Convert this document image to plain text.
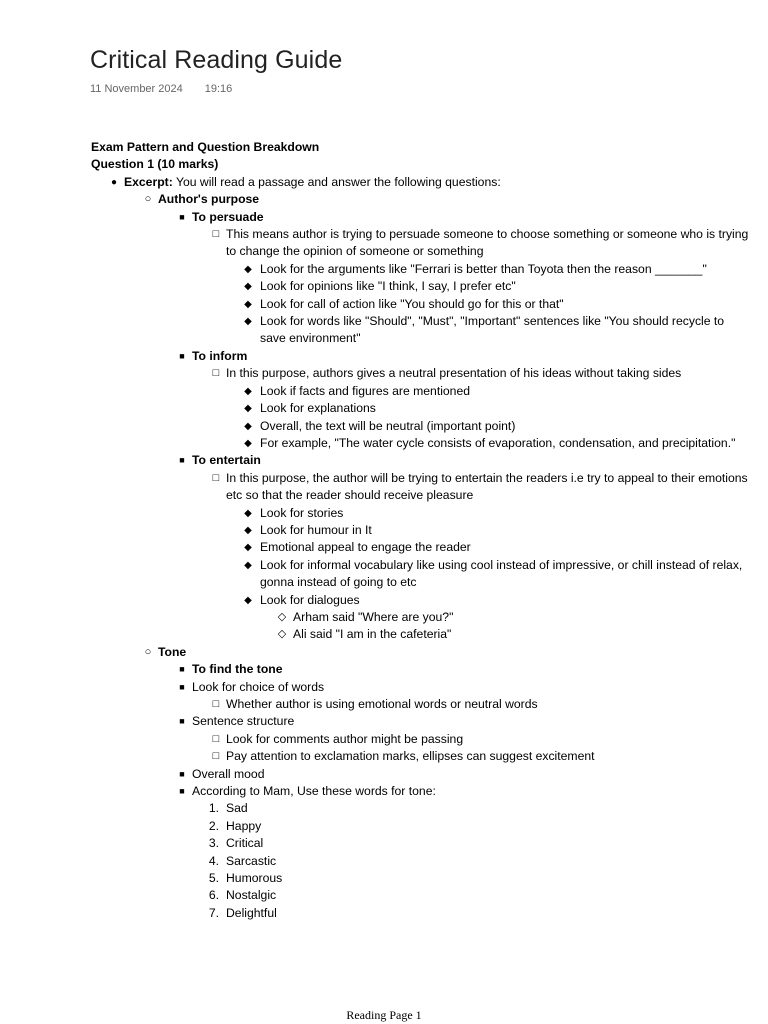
Critical Reading Guide
11 November 2024 19:16
Exam Pattern and Question Breakdown
Question 1 (10 marks)
● Excerpt: You will read a passage and answer the following questions:
○ Author's purpose
■ To persuade
□ This means author is trying to persuade someone to choose something or someone who is trying to change the opinion of someone or something
◆ Look for the arguments like "Ferrari is better than Toyota then the reason _______"
◆ Look for opinions like "I think, I say, I prefer etc"
◆ Look for call of action like "You should go for this or that"
◆ Look for words like "Should", "Must", "Important" sentences like "You should recycle to save environment"
■ To inform
□ In this purpose, authors gives a neutral presentation of his ideas without taking sides
◆ Look if facts and figures are mentioned
◆ Look for explanations
◆ Overall, the text will be neutral (important point)
◆ For example, "The water cycle consists of evaporation, condensation, and precipitation."
■ To entertain
□ In this purpose, the author will be trying to entertain the readers i.e try to appeal to their emotions etc so that the reader should receive pleasure
◆ Look for stories
◆ Look for humour in It
◆ Emotional appeal to engage the reader
◆ Look for informal vocabulary like using cool instead of impressive, or chill instead of relax, gonna instead of going to etc
◆ Look for dialogues
◇ Arham said "Where are you?"
◇ Ali said "I am in the cafeteria"
○ Tone
■ To find the tone
■ Look for choice of words
□ Whether author is using emotional words or neutral words
■ Sentence structure
□ Look for comments author might be passing
□ Pay attention to exclamation marks, ellipses can suggest excitement
■ Overall mood
■ According to Mam, Use these words for tone:
1. Sad
2. Happy
3. Critical
4. Sarcastic
5. Humorous
6. Nostalgic
7. Delightful
Reading Page 1
